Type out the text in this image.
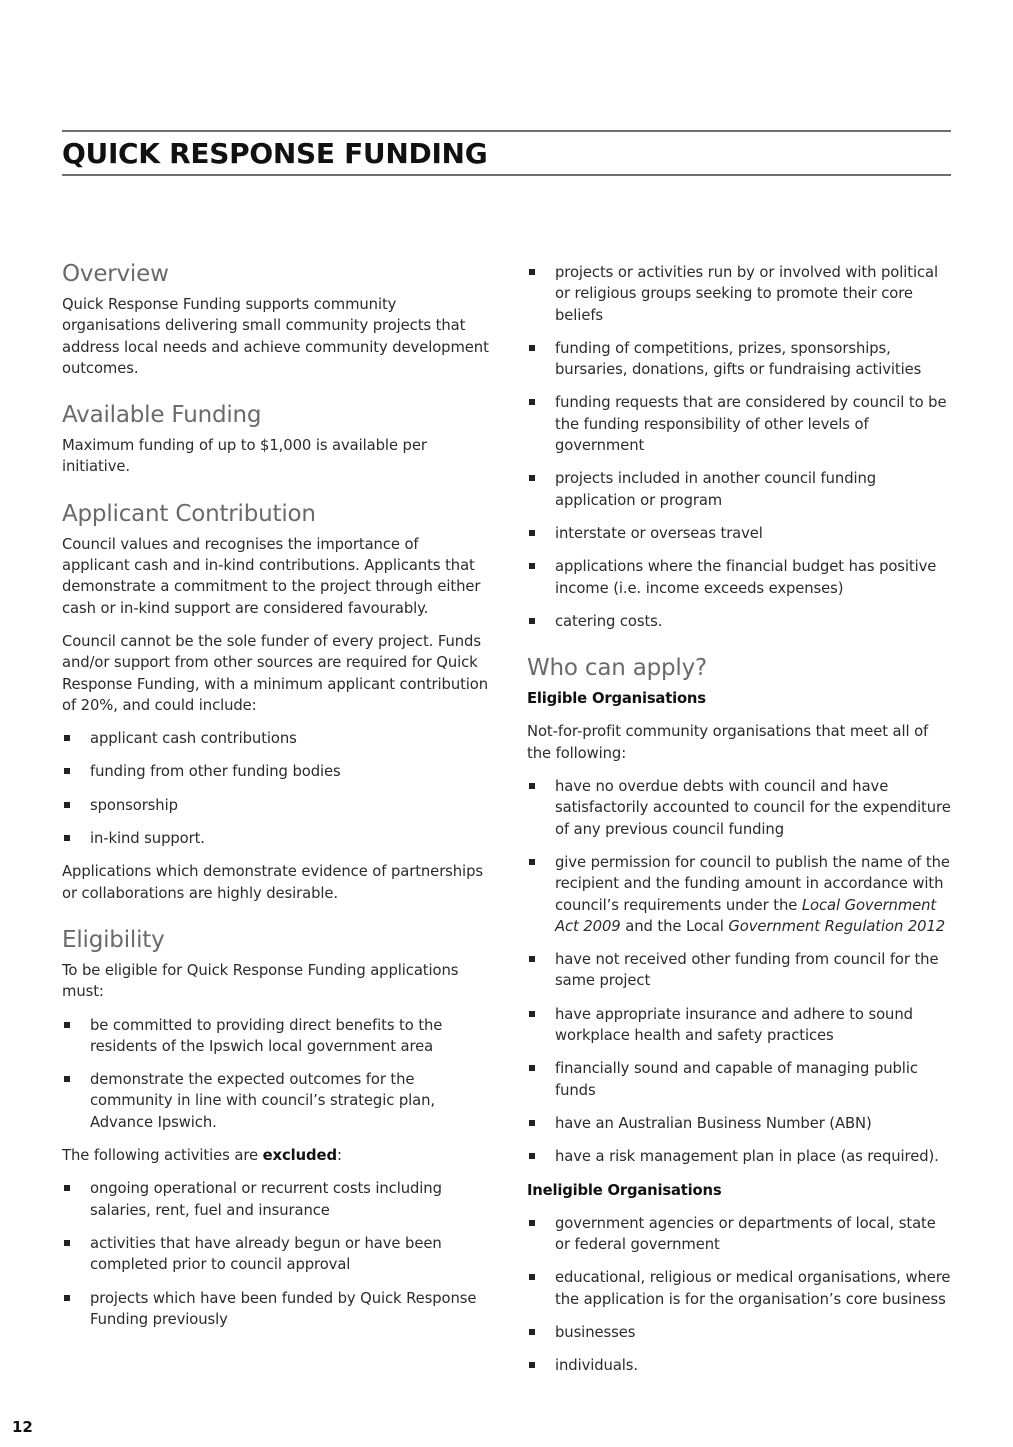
QUICK RESPONSE FUNDING
Overview

Quick Response Funding supports community organisations delivering small community projects that address local needs and achieve community development outcomes.

Available Funding

Maximum funding of up to $1,000 is available per initiative.

Applicant Contribution

Council values and recognises the importance of applicant cash and in-kind contributions. Applicants that demonstrate a commitment to the project through either cash or in-kind support are considered favourably.

Council cannot be the sole funder of every project. Funds and/or support from other sources are required for Quick Response Funding, with a minimum applicant contribution of 20%, and could include:

applicant cash contributions
funding from other funding bodies
sponsorship
in-kind support.

Applications which demonstrate evidence of partnerships or collaborations are highly desirable.

Eligibility

To be eligible for Quick Response Funding applications must:

be committed to providing direct benefits to the residents of the Ipswich local government area
demonstrate the expected outcomes for the community in line with council’s strategic plan, Advance Ipswich.

The following activities are excluded:

ongoing operational or recurrent costs including salaries, rent, fuel and insurance
activities that have already begun or have been completed prior to council approval
projects which have been funded by Quick Response Funding previously
projects or activities run by or involved with political or religious groups seeking to promote their core beliefs
funding of competitions, prizes, sponsorships, bursaries, donations, gifts or fundraising activities
funding requests that are considered by council to be the funding responsibility of other levels of government
projects included in another council funding application or program
interstate or overseas travel
applications where the financial budget has positive income (i.e. income exceeds expenses)
catering costs.
Who can apply?
Eligible Organisations

Not-for-profit community organisations that meet all of the following:

have no overdue debts with council and have satisfactorily accounted to council for the expenditure of any previous council funding
give permission for council to publish the name of the recipient and the funding amount in accordance with council’s requirements under the Local Government Act 2009 and the Local Government Regulation 2012
have not received other funding from council for the same project
have appropriate insurance and adhere to sound workplace health and safety practices
financially sound and capable of managing public funds
have an Australian Business Number (ABN)
have a risk management plan in place (as required).
Ineligible Organisations
government agencies or departments of local, state or federal government
educational, religious or medical organisations, where the application is for the organisation’s core business
businesses
individuals.
12
